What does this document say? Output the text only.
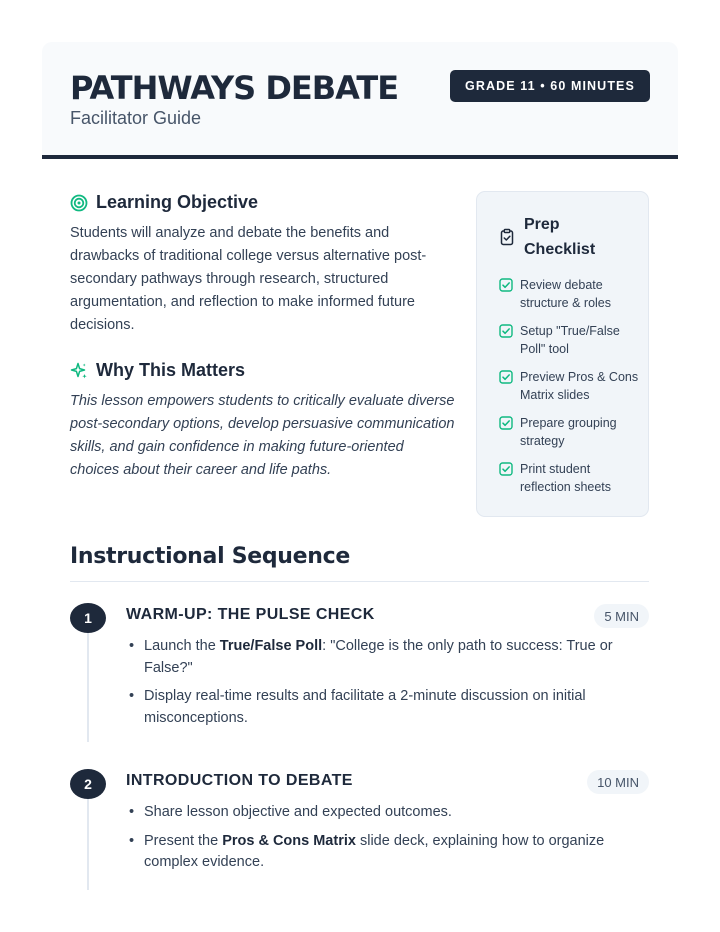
PATHWAYS DEBATE
Facilitator Guide
GRADE 11 • 60 MINUTES
Learning Objective
Students will analyze and debate the benefits and drawbacks of traditional college versus alternative post-secondary pathways through research, structured argumentation, and reflection to make informed future decisions.
Why This Matters
This lesson empowers students to critically evaluate diverse post-secondary options, develop persuasive communication skills, and gain confidence in making future-oriented choices about their career and life paths.
Prep Checklist
Review debate structure & roles
Setup "True/False Poll" tool
Preview Pros & Cons Matrix slides
Prepare grouping strategy
Print student reflection sheets
Instructional Sequence
1	WARM-UP: THE PULSE CHECK	5 MIN
• Launch the True/False Poll: "College is the only path to success: True or False?"
• Display real-time results and facilitate a 2-minute discussion on initial misconceptions.
2	INTRODUCTION TO DEBATE	10 MIN
• Share lesson objective and expected outcomes.
• Present the Pros & Cons Matrix slide deck, explaining how to organize complex evidence.
